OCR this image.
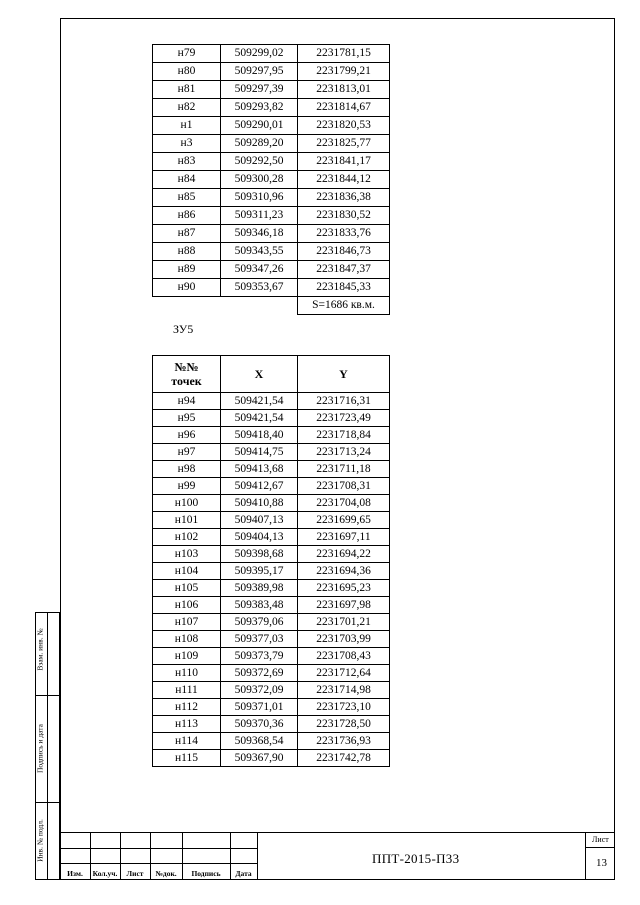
н79	509299,02	2231781,15
н80	509297,95	2231799,21
н81	509297,39	2231813,01
н82	509293,82	2231814,67
н1	509290,01	2231820,53
н3	509289,20	2231825,77
н83	509292,50	2231841,17
н84	509300,28	2231844,12
н85	509310,96	2231836,38
н86	509311,23	2231830,52
н87	509346,18	2231833,76
н88	509343,55	2231846,73
н89	509347,26	2231847,37
н90	509353,67	2231845,33
		S=1686 кв.м.
ЗУ5
№№ точек	X	Y
н94	509421,54	2231716,31
н95	509421,54	2231723,49
н96	509418,40	2231718,84
н97	509414,75	2231713,24
н98	509413,68	2231711,18
н99	509412,67	2231708,31
н100	509410,88	2231704,08
н101	509407,13	2231699,65
н102	509404,13	2231697,11
н103	509398,68	2231694,22
н104	509395,17	2231694,36
н105	509389,98	2231695,23
н106	509383,48	2231697,98
н107	509379,06	2231701,21
н108	509377,03	2231703,99
н109	509373,79	2231708,43
н110	509372,69	2231712,64
н111	509372,09	2231714,98
н112	509371,01	2231723,10
н113	509370,36	2231728,50
н114	509368,54	2231736,93
н115	509367,90	2231742,78
Взам. инв. №
Подпись и дата
Инв. № подл.
Изм.	Кол.уч.	Лист	№док.	Подпись	Дата
ППТ-2015-П33
Лист
13
